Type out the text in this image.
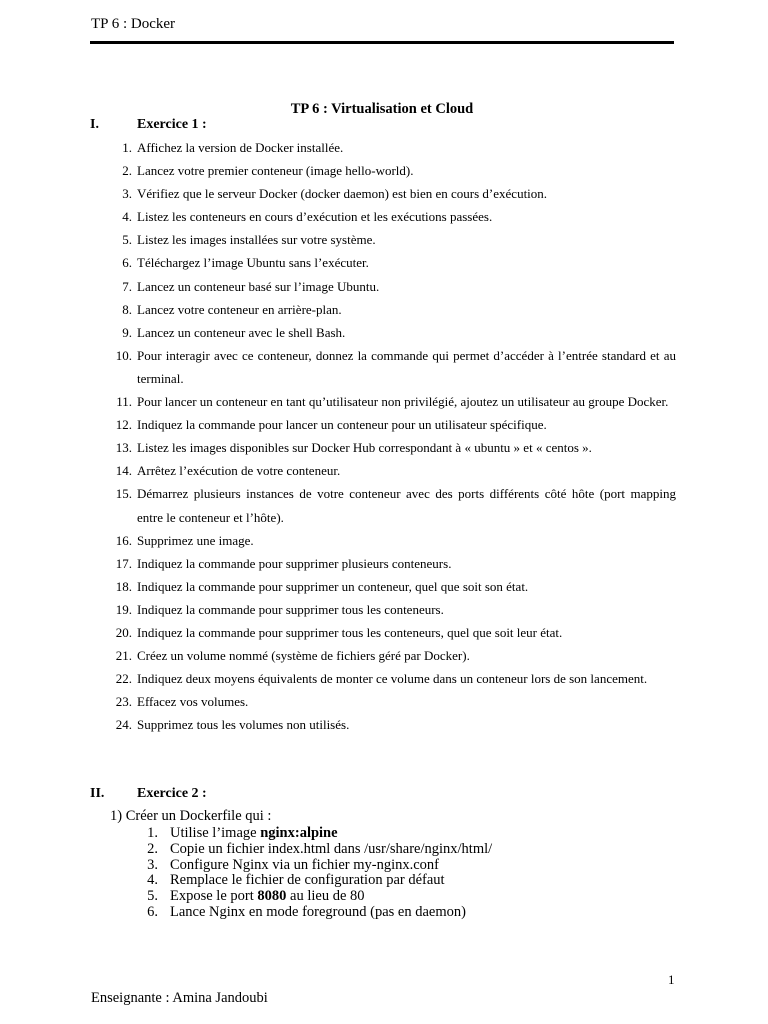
TP 6 : Docker
TP 6 : Virtualisation et Cloud
I.	Exercice 1 :
1. Affichez la version de Docker installée.
2. Lancez votre premier conteneur (image hello-world).
3. Vérifiez que le serveur Docker (docker daemon) est bien en cours d’exécution.
4. Listez les conteneurs en cours d’exécution et les exécutions passées.
5. Listez les images installées sur votre système.
6. Téléchargez l’image Ubuntu sans l’exécuter.
7. Lancez un conteneur basé sur l’image Ubuntu.
8. Lancez votre conteneur en arrière-plan.
9. Lancez un conteneur avec le shell Bash.
10. Pour interagir avec ce conteneur, donnez la commande qui permet d’accéder à l’entrée standard et au terminal.
11. Pour lancer un conteneur en tant qu’utilisateur non privilégié, ajoutez un utilisateur au groupe Docker.
12. Indiquez la commande pour lancer un conteneur pour un utilisateur spécifique.
13. Listez les images disponibles sur Docker Hub correspondant à « ubuntu » et « centos ».
14. Arrêtez l’exécution de votre conteneur.
15. Démarrez plusieurs instances de votre conteneur avec des ports différents côté hôte (port mapping entre le conteneur et l’hôte).
16. Supprimez une image.
17. Indiquez la commande pour supprimer plusieurs conteneurs.
18. Indiquez la commande pour supprimer un conteneur, quel que soit son état.
19. Indiquez la commande pour supprimer tous les conteneurs.
20. Indiquez la commande pour supprimer tous les conteneurs, quel que soit leur état.
21. Créez un volume nommé (système de fichiers géré par Docker).
22. Indiquez deux moyens équivalents de monter ce volume dans un conteneur lors de son lancement.
23. Effacez vos volumes.
24. Supprimez tous les volumes non utilisés.
II. Exercice 2 :
1) Créer un Dockerfile qui :
1. Utilise l’image nginx:alpine
2. Copie un fichier index.html dans /usr/share/nginx/html/
3. Configure Nginx via un fichier my-nginx.conf
4. Remplace le fichier de configuration par défaut
5. Expose le port 8080 au lieu de 80
6. Lance Nginx en mode foreground (pas en daemon)
1
Enseignante : Amina Jandoubi
